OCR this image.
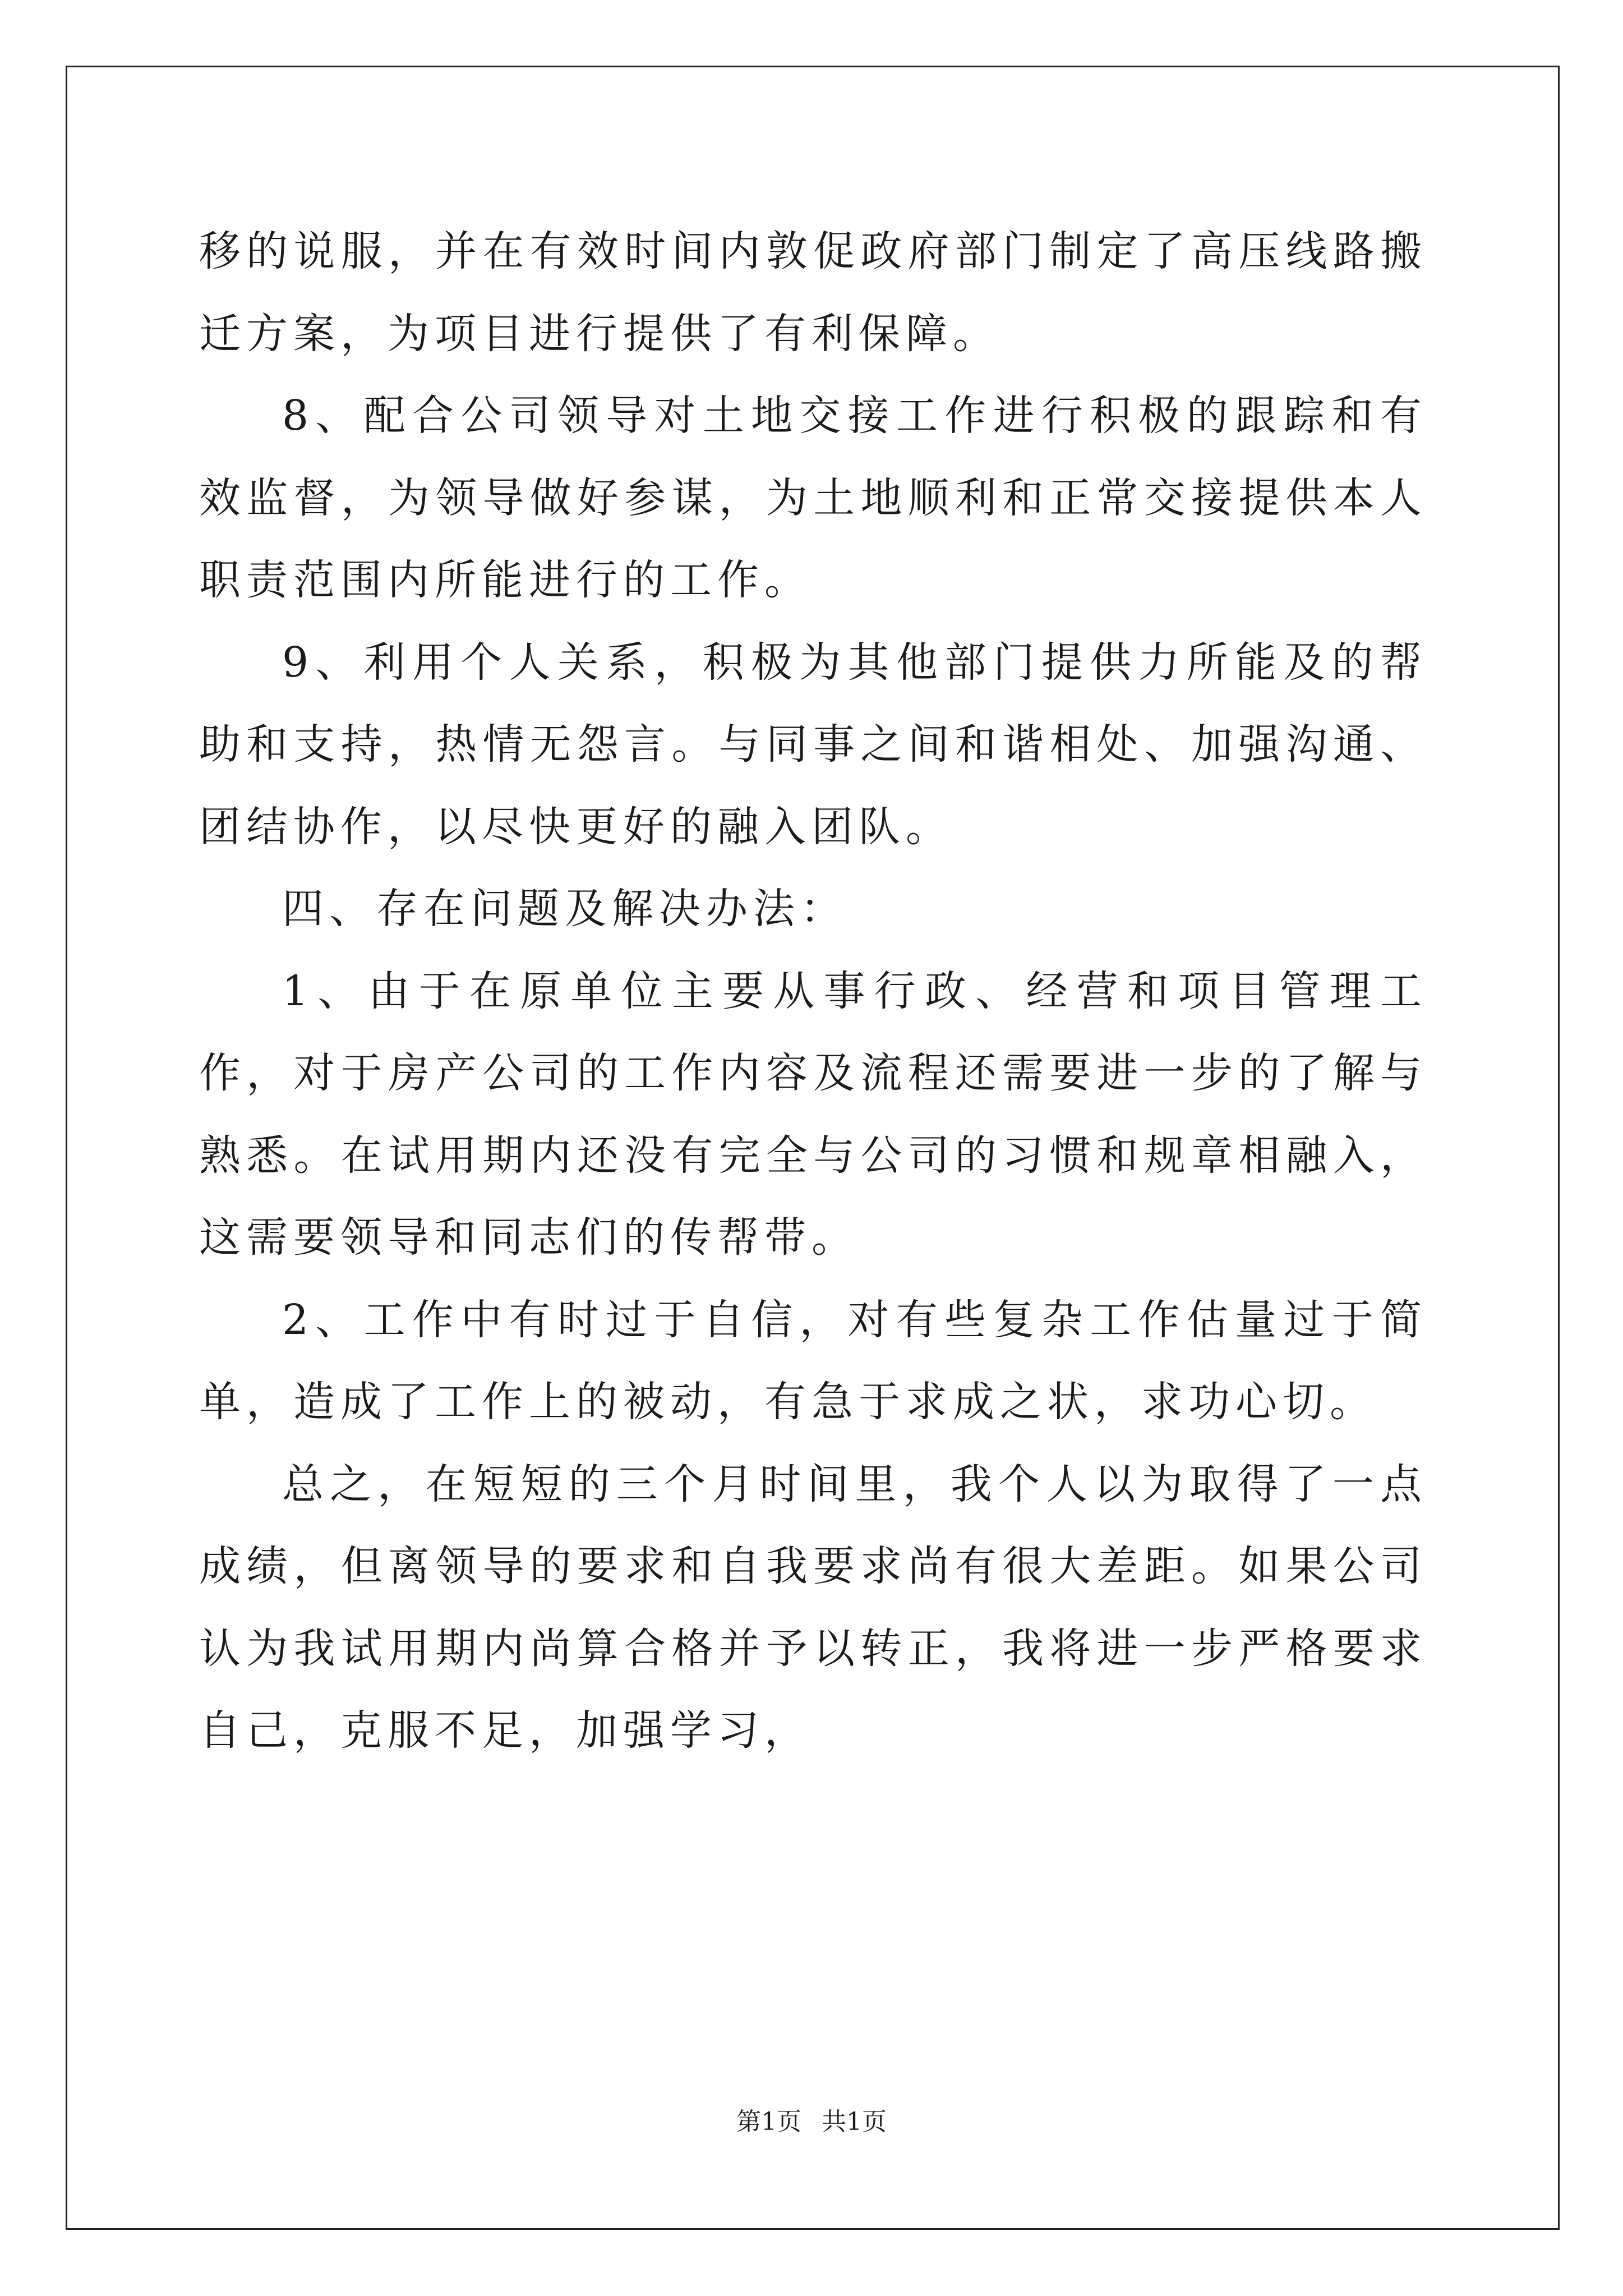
移的说服，并在有效时间内敦促政府部门制定了高压线路搬迁方案，为项目进行提供了有利保障。

8、配合公司领导对土地交接工作进行积极的跟踪和有效监督，为领导做好参谋，为土地顺利和正常交接提供本人职责范围内所能进行的工作。

9、利用个人关系，积极为其他部门提供力所能及的帮助和支持，热情无怨言。与同事之间和谐相处、加强沟通、团结协作，以尽快更好的融入团队。

四、存在问题及解决办法：

1、由于在原单位主要从事行政、经营和项目管理工作，对于房产公司的工作内容及流程还需要进一步的了解与熟悉。在试用期内还没有完全与公司的习惯和规章相融入，这需要领导和同志们的传帮带。

2、工作中有时过于自信，对有些复杂工作估量过于简单，造成了工作上的被动，有急于求成之状，求功心切。

总之，在短短的三个月时间里，我个人以为取得了一点成绩，但离领导的要求和自我要求尚有很大差距。如果公司认为我试用期内尚算合格并予以转正，我将进一步严格要求自己，克服不足，加强学习，

第1页 共1页
